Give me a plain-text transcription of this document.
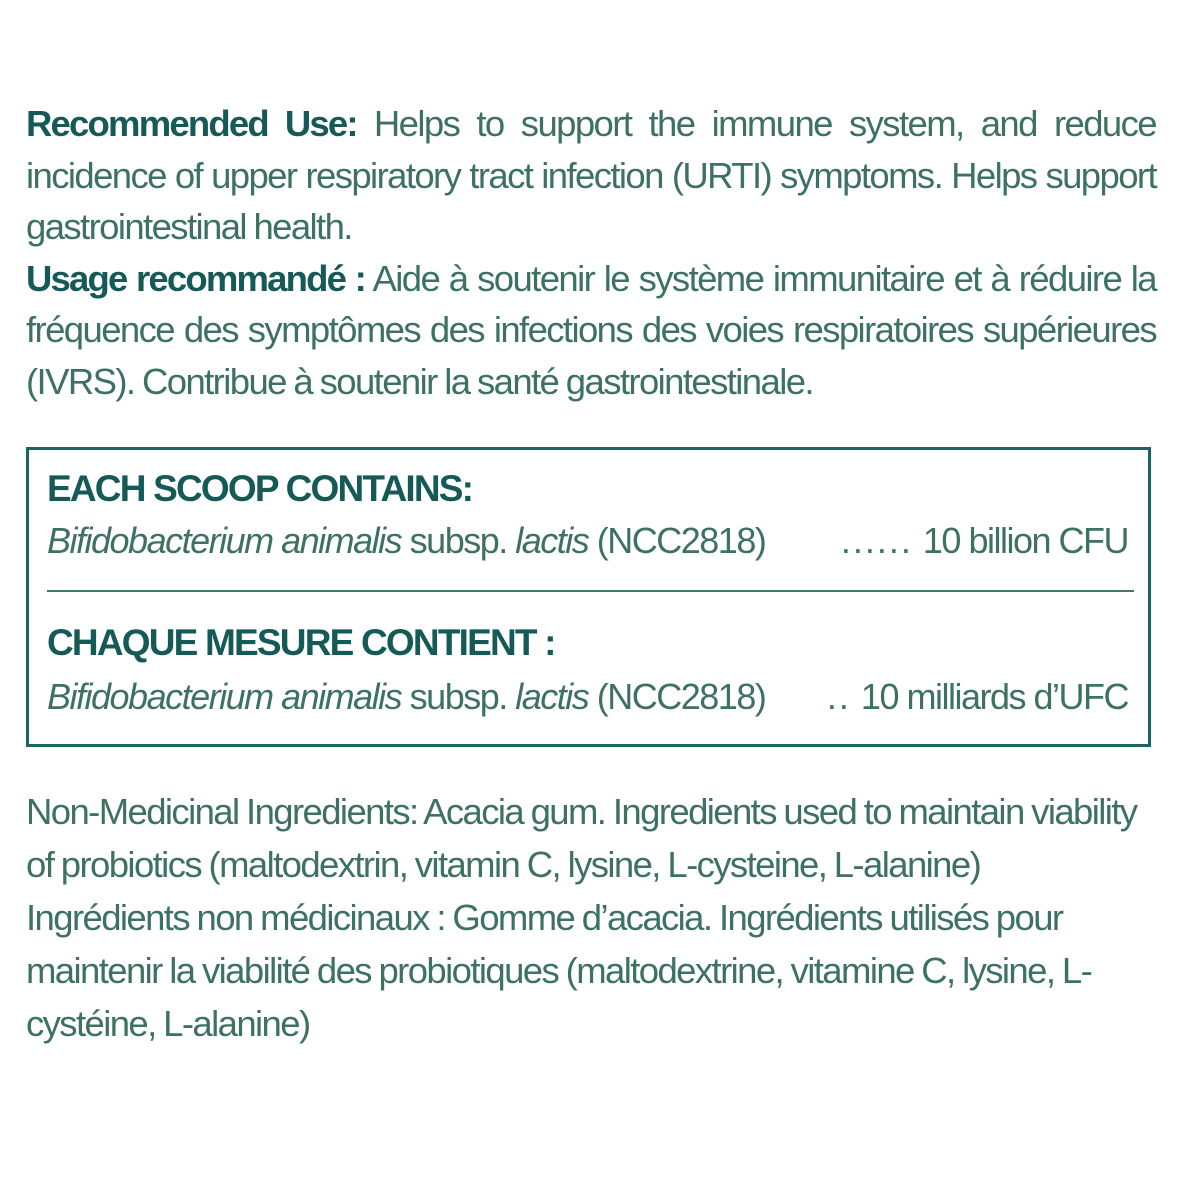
Recommended Use: Helps to support the immune system, and reduce incidence of upper respiratory tract infection (URTI) symptoms. Helps support gastrointestinal health.

Usage recommandé : Aide à soutenir le système immunitaire et à réduire la fréquence des symptômes des infections des voies respiratoires supérieures (IVRS). Contribue à soutenir la santé gastrointestinale.

EACH SCOOP CONTAINS:
Bifidobacterium animalis subsp. lactis (NCC2818)	...... 10 billion CFU
CHAQUE MESURE CONTIENT :
Bifidobacterium animalis subsp. lactis (NCC2818)	.. 10 milliards d’UFC

Non-Medicinal Ingredients: Acacia gum. Ingredients used to maintain viability of probiotics (maltodextrin, vitamin C, lysine, L-cysteine, L-alanine)

Ingrédients non médicinaux : Gomme d’acacia. Ingrédients utilisés pour maintenir la viabilité des probiotiques (maltodextrine, vitamine C, lysine, L-cystéine, L-alanine)
